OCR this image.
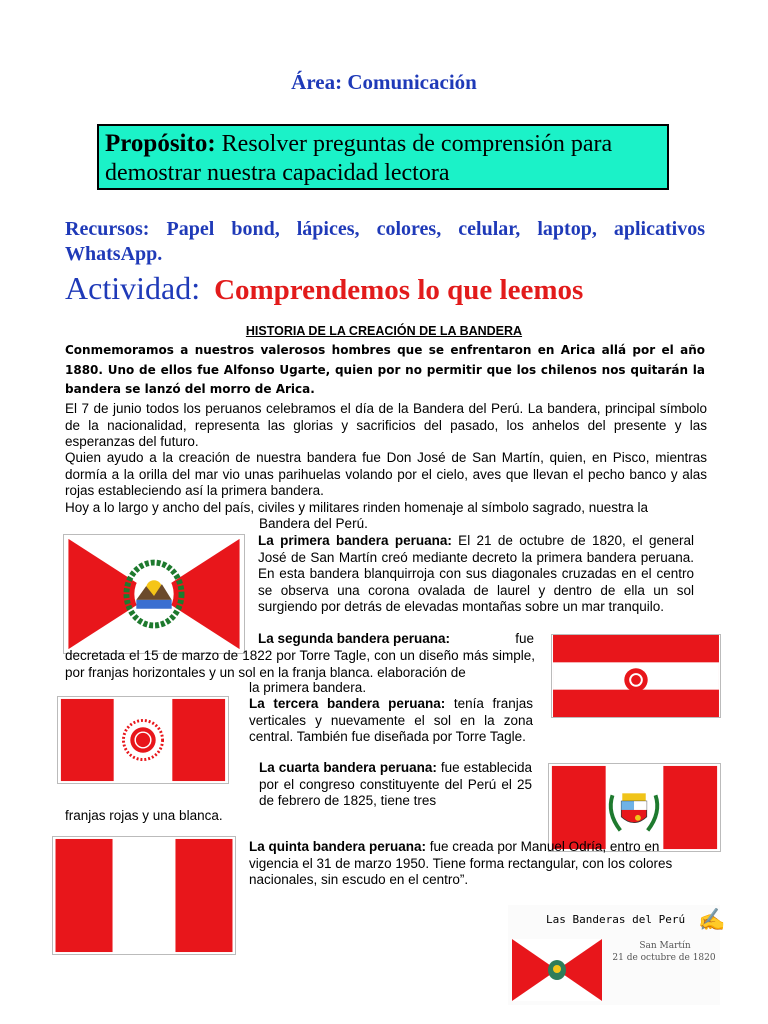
Área: Comunicación
Propósito: Resolver preguntas de comprensión para demostrar nuestra capacidad lectora
Recursos: Papel bond, lápices, colores, celular, laptop, aplicativos WhatsApp.
Actividad: Comprendemos lo que leemos
HISTORIA DE LA CREACIÓN DE LA BANDERA
Conmemoramos a nuestros valerosos hombres que se enfrentaron en Arica allá por el año 1880. Uno de ellos fue Alfonso Ugarte, quien por no permitir que los chilenos nos quitarán la bandera se lanzó del morro de Arica.
El 7 de junio todos los peruanos celebramos el día de la Bandera del Perú. La bandera, principal símbolo de la nacionalidad, representa las glorias y sacrificios del pasado, los anhelos del presente y las esperanzas del futuro.
Quien ayudo a la creación de nuestra bandera fue Don José de San Martín, quien, en Pisco, mientras dormía a la orilla del mar vio unas parihuelas volando por el cielo, aves que llevan el pecho banco y alas rojas estableciendo así la primera bandera.
Hoy a lo largo y ancho del país, civiles y militares rinden homenaje al símbolo sagrado, nuestra la
Bandera del Perú.
La primera bandera peruana: El 21 de octubre de 1820, el general José de San Martín creó mediante decreto la primera bandera peruana. En esta bandera blanquirroja con sus diagonales cruzadas en el centro se observa una corona ovalada de laurel y dentro de ella un sol surgiendo por detrás de elevadas montañas sobre un mar tranquilo.
La segunda bandera peruana:	fue
decretada el 15 de marzo de 1822 por Torre Tagle, con un diseño más simple, por franjas horizontales y un sol en la franja blanca. elaboración de
la primera bandera.
La tercera bandera peruana: tenía franjas verticales y nuevamente el sol en la zona central. También fue diseñada por Torre Tagle.
La cuarta bandera peruana: fue establecida por el congreso constituyente del Perú el 25 de febrero de 1825, tiene tres
franjas rojas y una blanca.
La quinta bandera peruana: fue creada por Manuel Odría, entro en vigencia el 31 de marzo 1950. Tiene forma rectangular, con los colores nacionales, sin escudo en el centro”.
Las Banderas del Perú ✍
San Martín
21 de octubre de 1820
